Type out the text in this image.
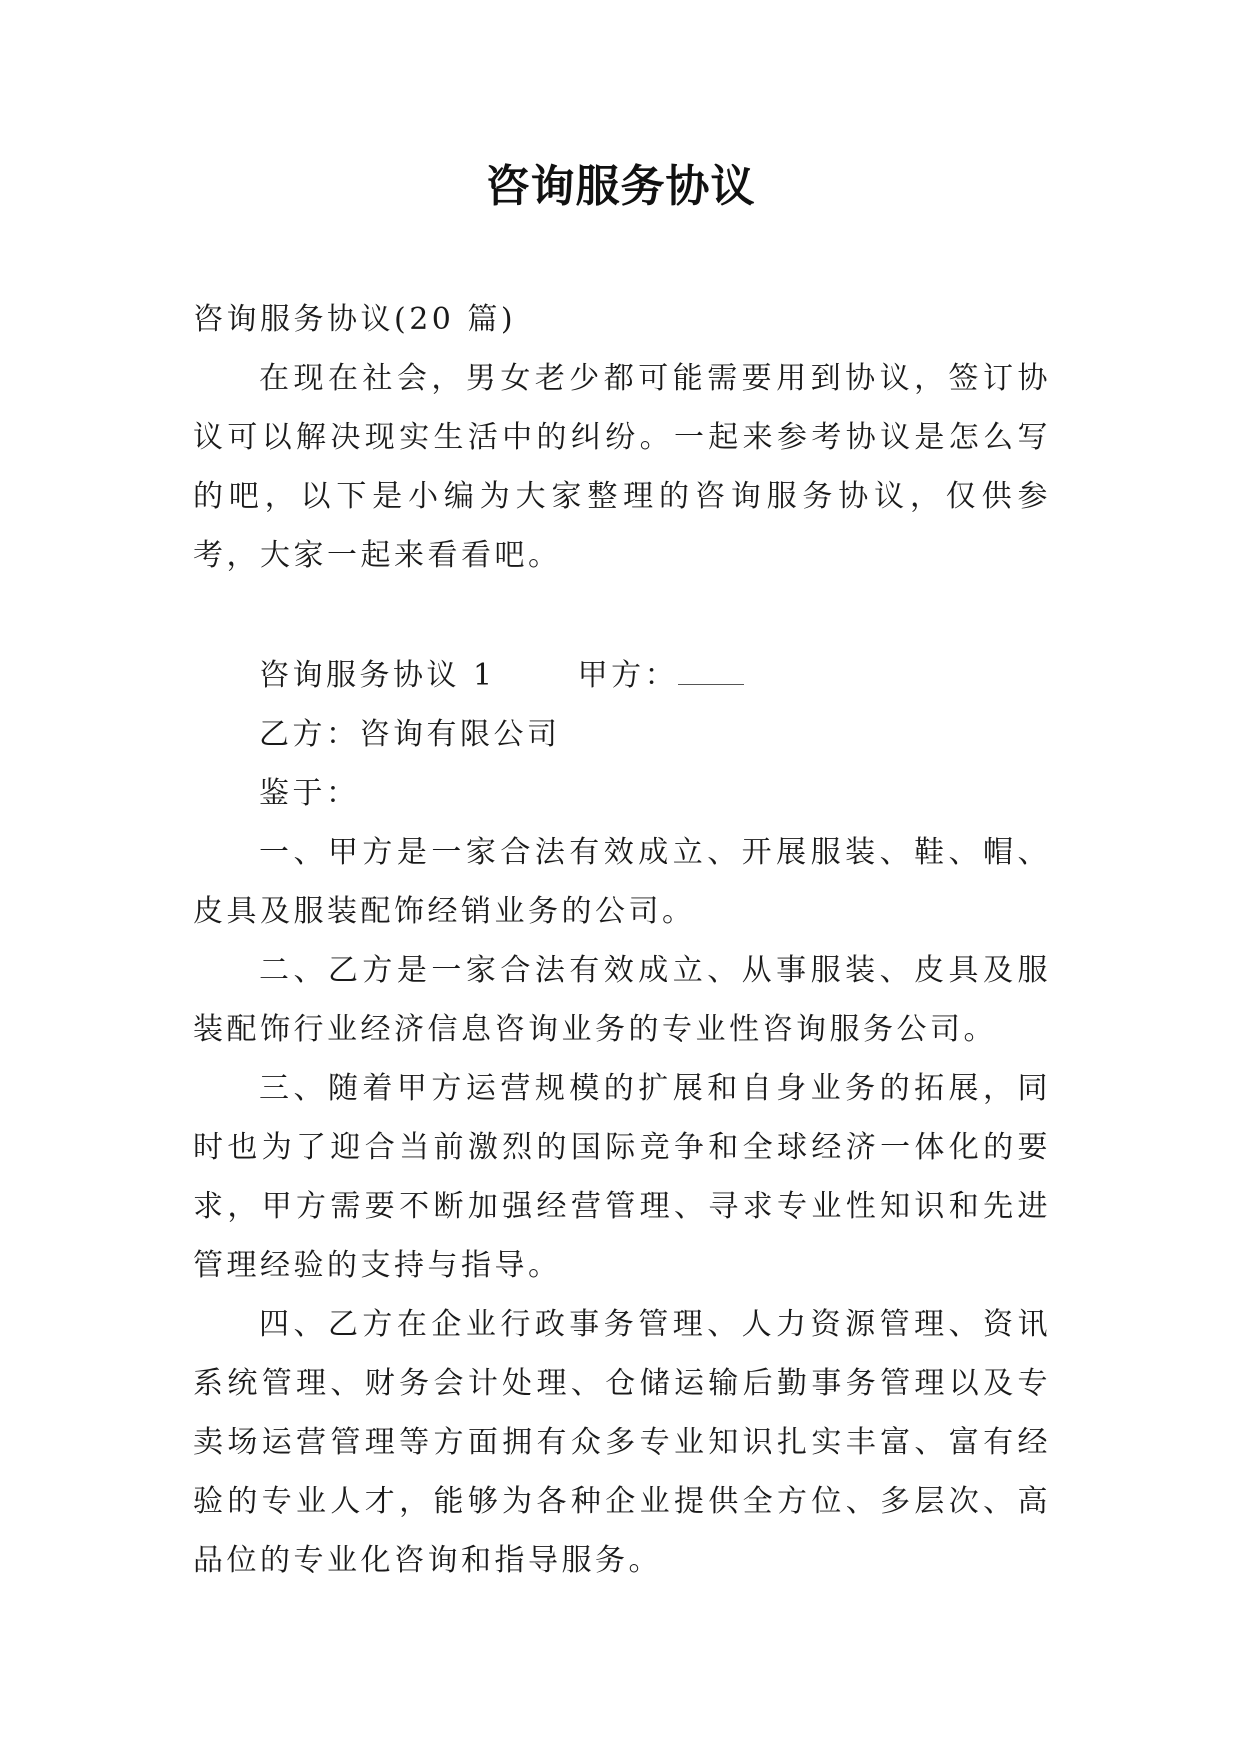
咨询服务协议

咨询服务协议(20 篇)

在现在社会，男女老少都可能需要用到协议，签订协议可以解决现实生活中的纠纷。一起来参考协议是怎么写的吧，以下是小编为大家整理的咨询服务协议，仅供参考，大家一起来看看吧。

咨询服务协议 1	甲方：

乙方：咨询有限公司

鉴于：

一、甲方是一家合法有效成立、开展服装、鞋、帽、皮具及服装配饰经销业务的公司。

二、乙方是一家合法有效成立、从事服装、皮具及服装配饰行业经济信息咨询业务的专业性咨询服务公司。

三、随着甲方运营规模的扩展和自身业务的拓展，同时也为了迎合当前激烈的国际竞争和全球经济一体化的要求，甲方需要不断加强经营管理、寻求专业性知识和先进管理经验的支持与指导。

四、乙方在企业行政事务管理、人力资源管理、资讯系统管理、财务会计处理、仓储运输后勤事务管理以及专卖场运营管理等方面拥有众多专业知识扎实丰富、富有经验的专业人才，能够为各种企业提供全方位、多层次、高品位的专业化咨询和指导服务。
